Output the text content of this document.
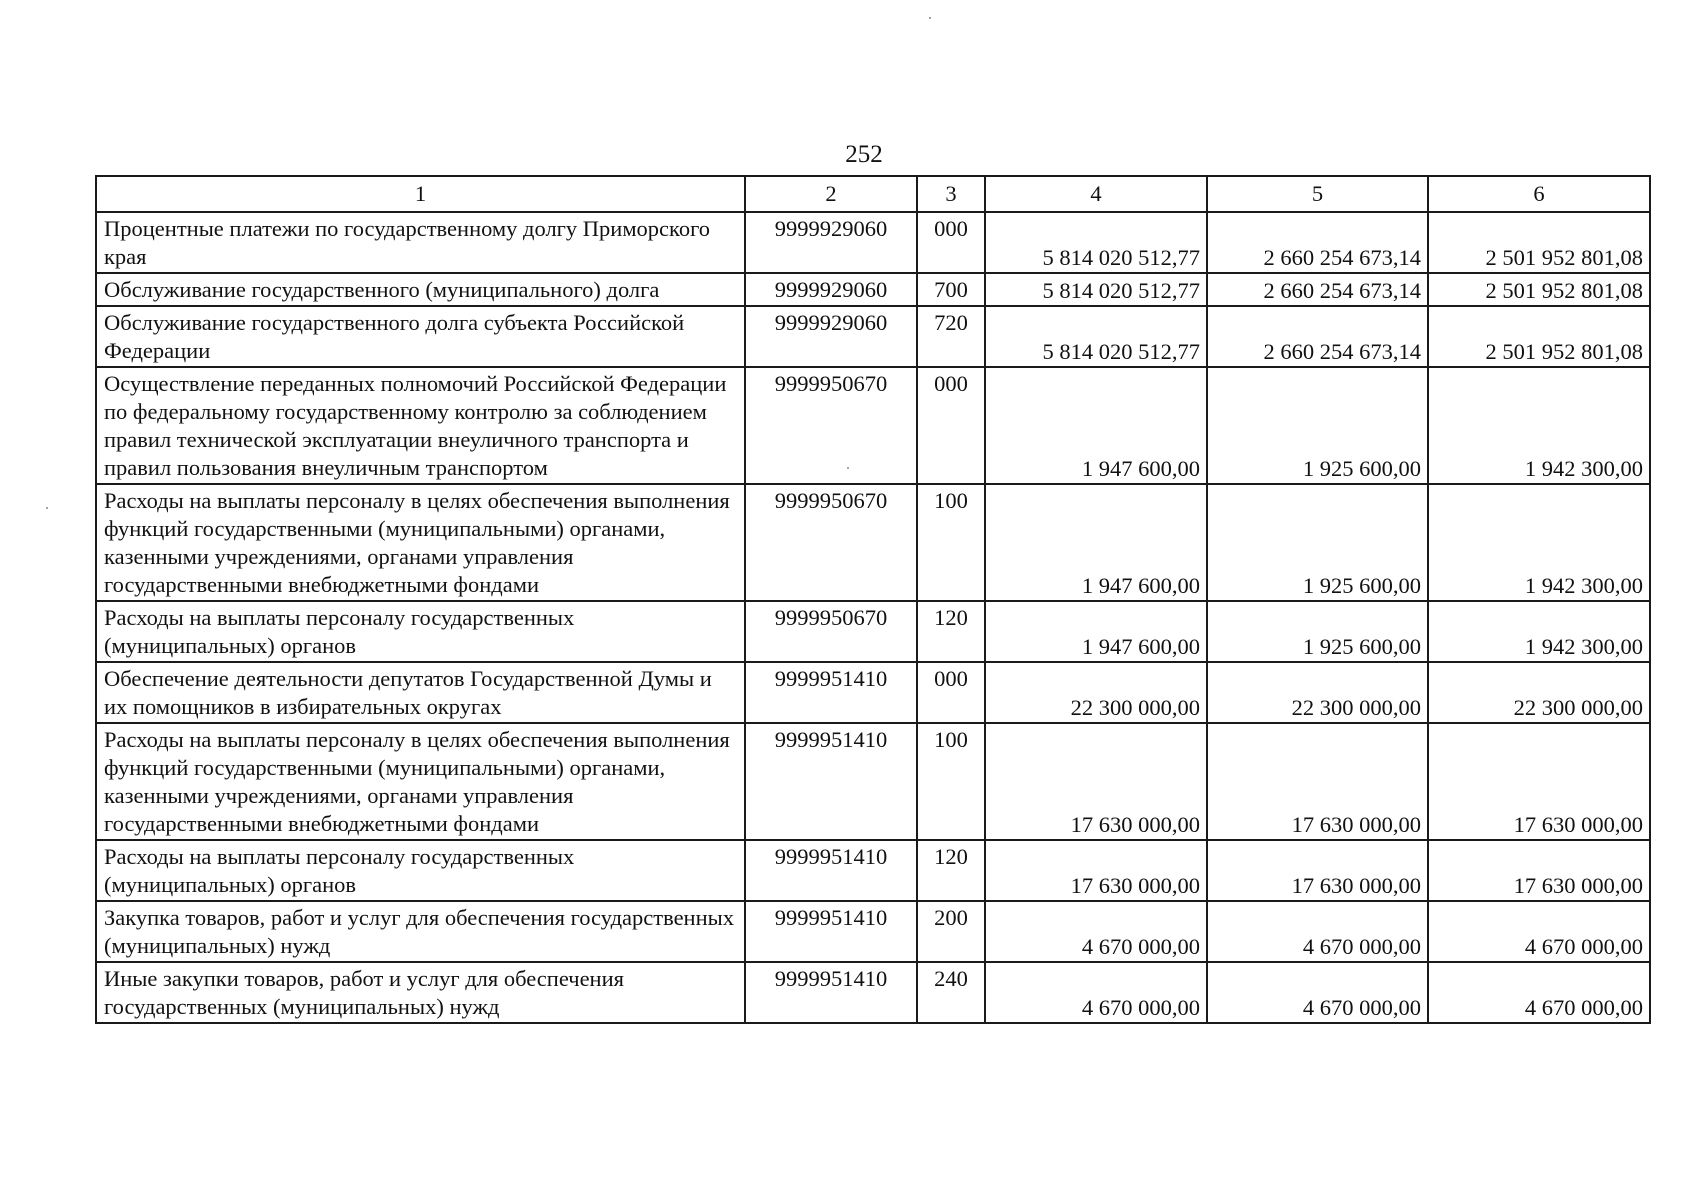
252
1	2	3	4	5	6
Процентные платежи по государственному долгу Приморского края	9999929060	000	5 814 020 512,77	2 660 254 673,14	2 501 952 801,08
Обслуживание государственного (муниципального) долга	9999929060	700	5 814 020 512,77	2 660 254 673,14	2 501 952 801,08
Обслуживание государственного долга субъекта Российской Федерации	9999929060	720	5 814 020 512,77	2 660 254 673,14	2 501 952 801,08
Осуществление переданных полномочий Российской Федерации по федеральному государственному контролю за соблюдением правил технической эксплуатации внеуличного транспорта и правил пользования внеуличным транспортом	9999950670	000	1 947 600,00	1 925 600,00	1 942 300,00
Расходы на выплаты персоналу в целях обеспечения выполнения функций государственными (муниципальными) органами, казенными учреждениями, органами управления государственными внебюджетными фондами	9999950670	100	1 947 600,00	1 925 600,00	1 942 300,00
Расходы на выплаты персоналу государственных (муниципальных) органов	9999950670	120	1 947 600,00	1 925 600,00	1 942 300,00
Обеспечение деятельности депутатов Государственной Думы и их помощников в избирательных округах	9999951410	000	22 300 000,00	22 300 000,00	22 300 000,00
Расходы на выплаты персоналу в целях обеспечения выполнения функций государственными (муниципальными) органами, казенными учреждениями, органами управления государственными внебюджетными фондами	9999951410	100	17 630 000,00	17 630 000,00	17 630 000,00
Расходы на выплаты персоналу государственных (муниципальных) органов	9999951410	120	17 630 000,00	17 630 000,00	17 630 000,00
Закупка товаров, работ и услуг для обеспечения государственных (муниципальных) нужд	9999951410	200	4 670 000,00	4 670 000,00	4 670 000,00
Иные закупки товаров, работ и услуг для обеспечения государственных (муниципальных) нужд	9999951410	240	4 670 000,00	4 670 000,00	4 670 000,00
